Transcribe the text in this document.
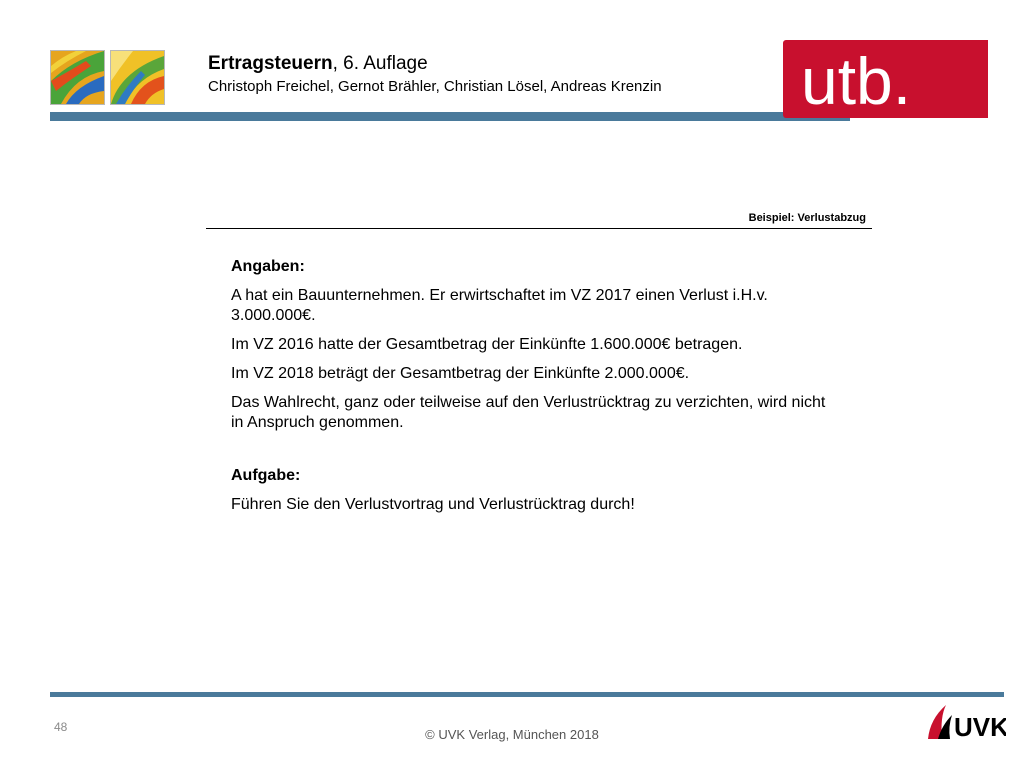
Ertragsteuern, 6. Auflage
Christoph Freichel, Gernot Brähler, Christian Lösel, Andreas Krenzin utb.
Beispiel: Verlustabzug

Angaben:

A hat ein Bauunternehmen. Er erwirtschaftet im VZ 2017 einen Verlust i.H.v. 3.000.000€.

Im VZ 2016 hatte der Gesamtbetrag der Einkünfte 1.600.000€ betragen.

Im VZ 2018 beträgt der Gesamtbetrag der Einkünfte 2.000.000€.

Das Wahlrecht, ganz oder teilweise auf den Verlustrücktrag zu verzichten, wird nicht in Anspruch genommen.

Aufgabe:

Führen Sie den Verlustvortrag und Verlustrücktrag durch!

48	© UVK Verlag, München 2018	UVK
